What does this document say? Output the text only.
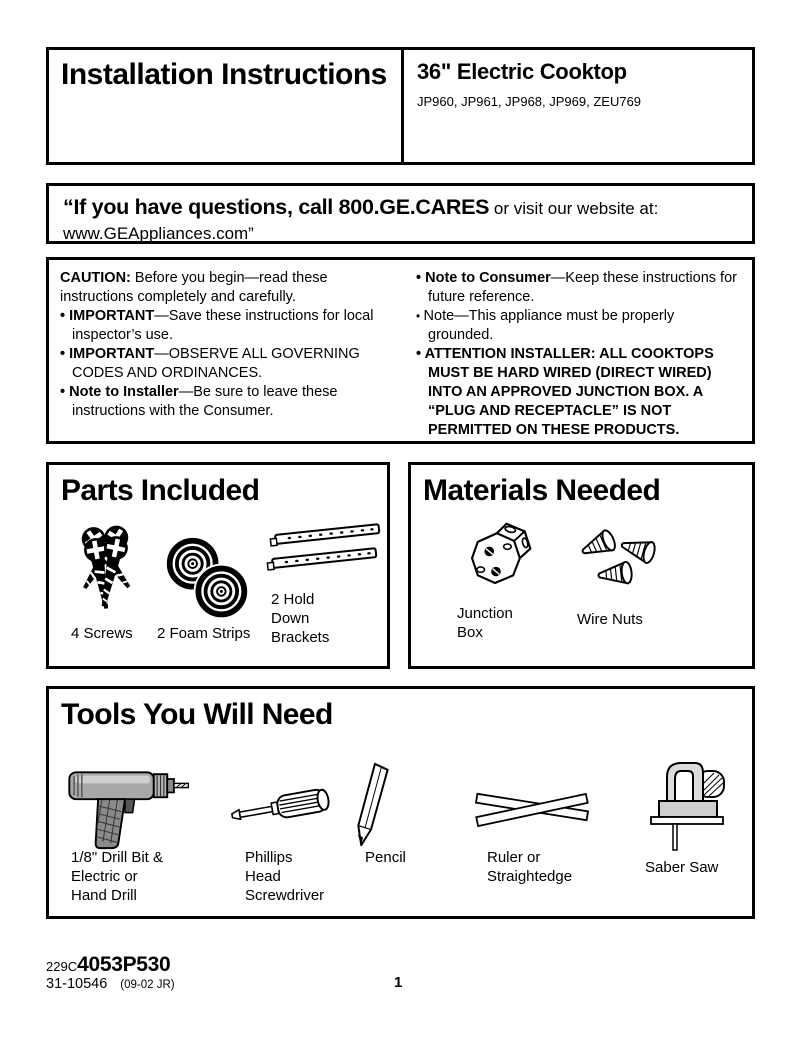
Installation Instructions 36" Electric Cooktop
JP960, JP961, JP968, JP969, ZEU769
“If you have questions, call 800.GE.CARES or visit our website at:
www.GEAppliances.com”
CAUTION: Before you begin—read these instructions completely and carefully.
• IMPORTANT—Save these instructions for local inspector’s use.
• IMPORTANT—OBSERVE ALL GOVERNING CODES AND ORDINANCES.
• Note to Installer—Be sure to leave these instructions with the Consumer.
• Note to Consumer—Keep these instructions for future reference.
• Note—This appliance must be properly grounded.
• ATTENTION INSTALLER: ALL COOKTOPS MUST BE HARD WIRED (DIRECT WIRED) INTO AN APPROVED JUNCTION BOX. A “PLUG AND RECEPTACLE” IS NOT PERMITTED ON THESE PRODUCTS.
Parts Included
4 Screws 2 Foam Strips
2 Hold
Down
Brackets
Materials Needed
Junction
Box
Wire Nuts
Tools You Will Need
1/8" Drill Bit &
Electric or
Hand Drill
Phillips
Head
Screwdriver
Pencil	Ruler or
Straightedge
Saber Saw
229C4053P530
31-10546 (09-02 JR)	1
